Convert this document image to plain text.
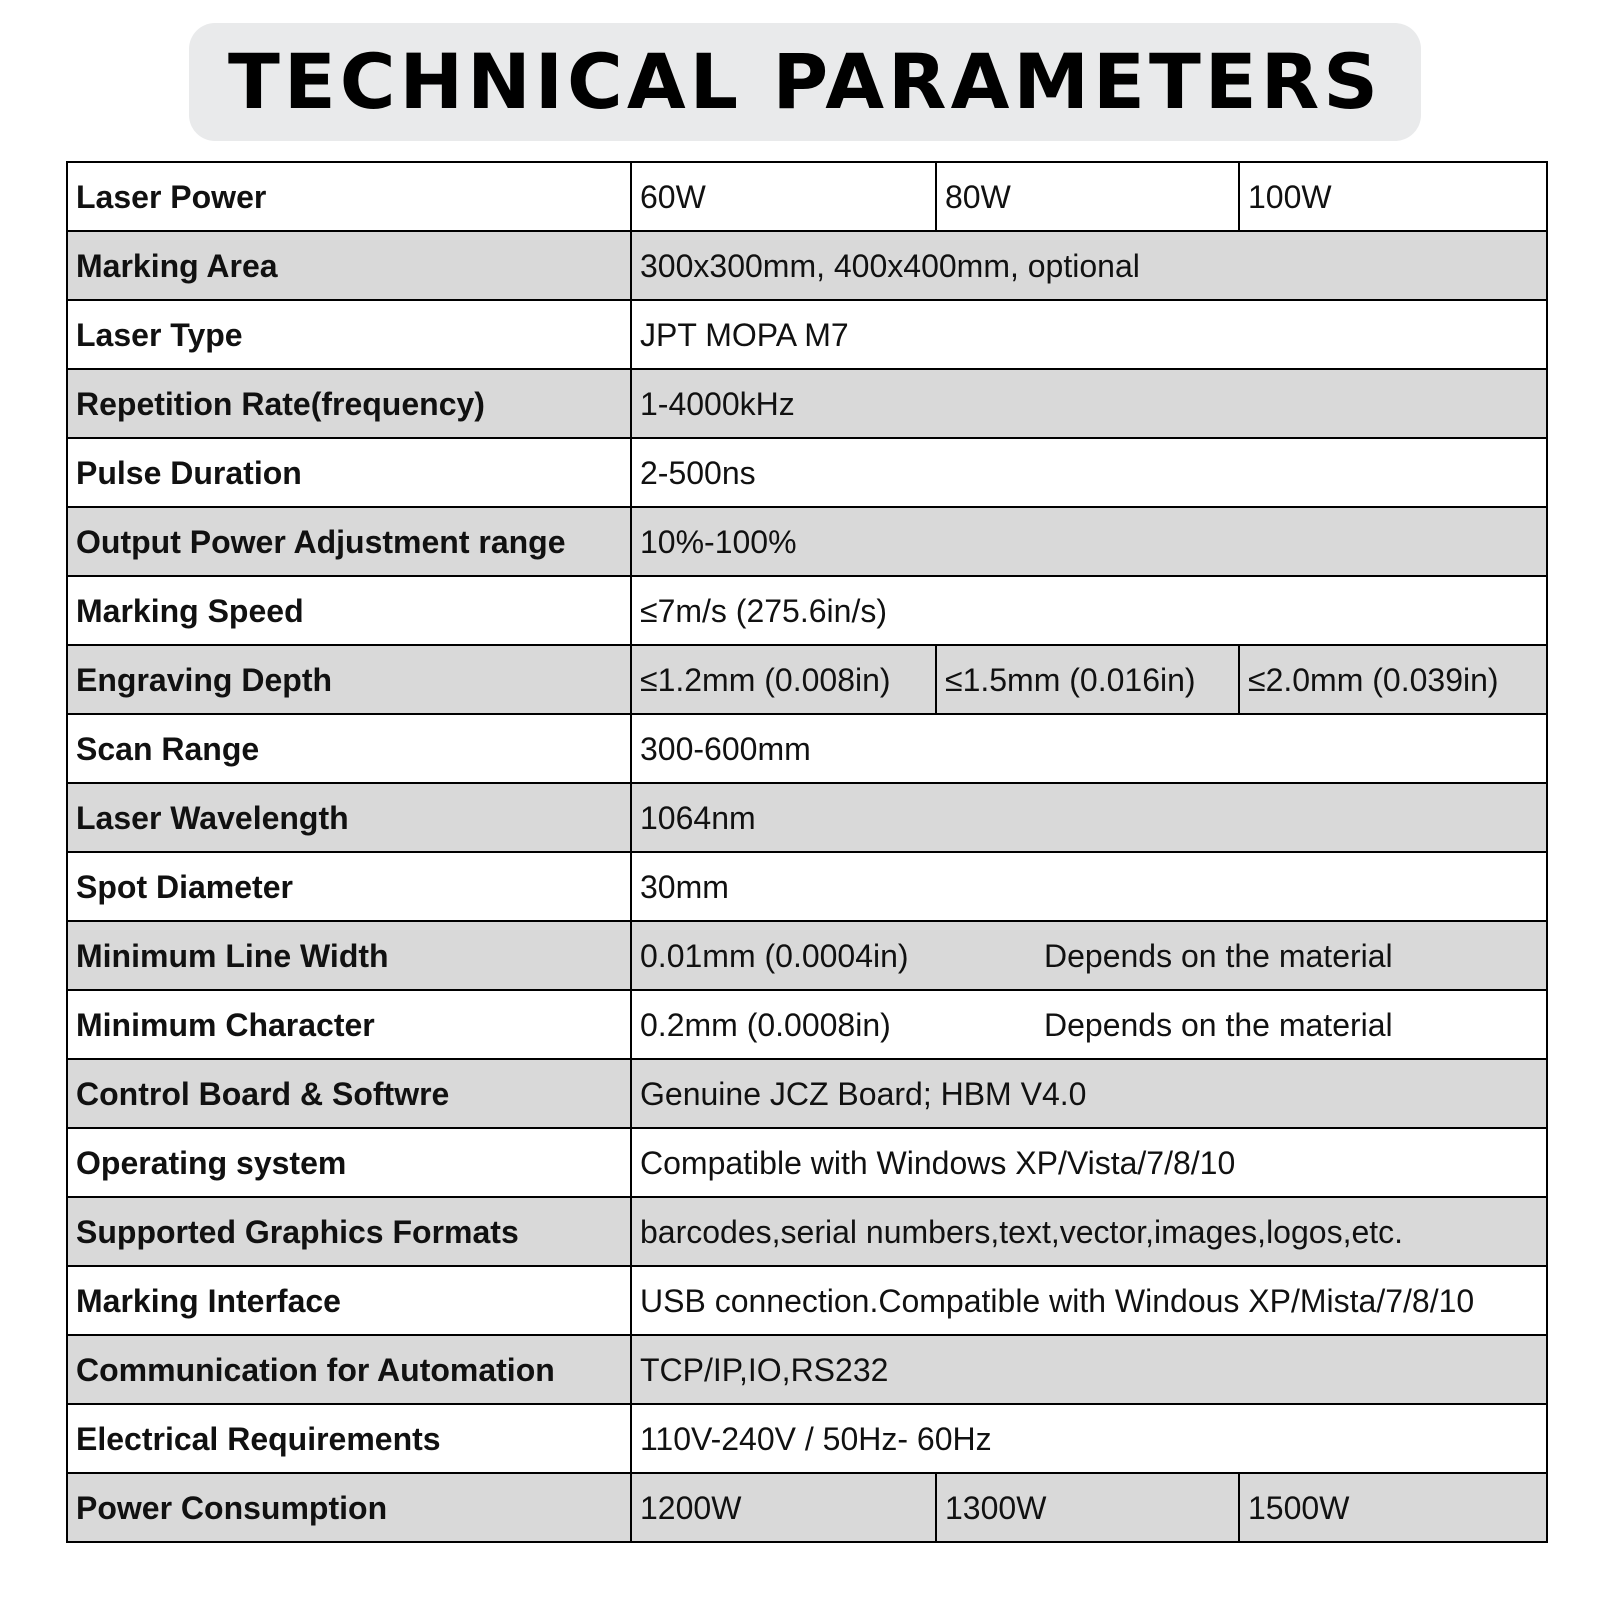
TECHNICAL PARAMETERS
Laser Power	60W	80W	100W
Marking Area	300x300mm, 400x400mm, optional		
Laser Type	JPT MOPA M7		
Repetition Rate(frequency)	1-4000kHz		
Pulse Duration	2-500ns		
Output Power Adjustment range	10%-100%		
Marking Speed	≤7m/s (275.6in/s)		
Engraving Depth	≤1.2mm (0.008in)	≤1.5mm (0.016in)	≤2.0mm (0.039in)
Scan Range	300-600mm		
Laser Wavelength	1064nm		
Spot Diameter	30mm		
Minimum Line Width	0.01mm (0.0004in) Depends on the material		

Minimum Character	0.2mm (0.0008in) Depends on the material		

Control Board & Softwre	Genuine JCZ Board; HBM V4.0		
Operating system	Compatible with Windows XP/Vista/7/8/10		
Supported Graphics Formats	barcodes,serial numbers,text,vector,images,logos,etc.		
Marking Interface	USB connection.Compatible with Windous XP/Mista/7/8/10		
Communication for Automation	TCP/IP,IO,RS232		
Electrical Requirements	110V-240V / 50Hz- 60Hz		
Power Consumption	1200W	1300W	1500W
